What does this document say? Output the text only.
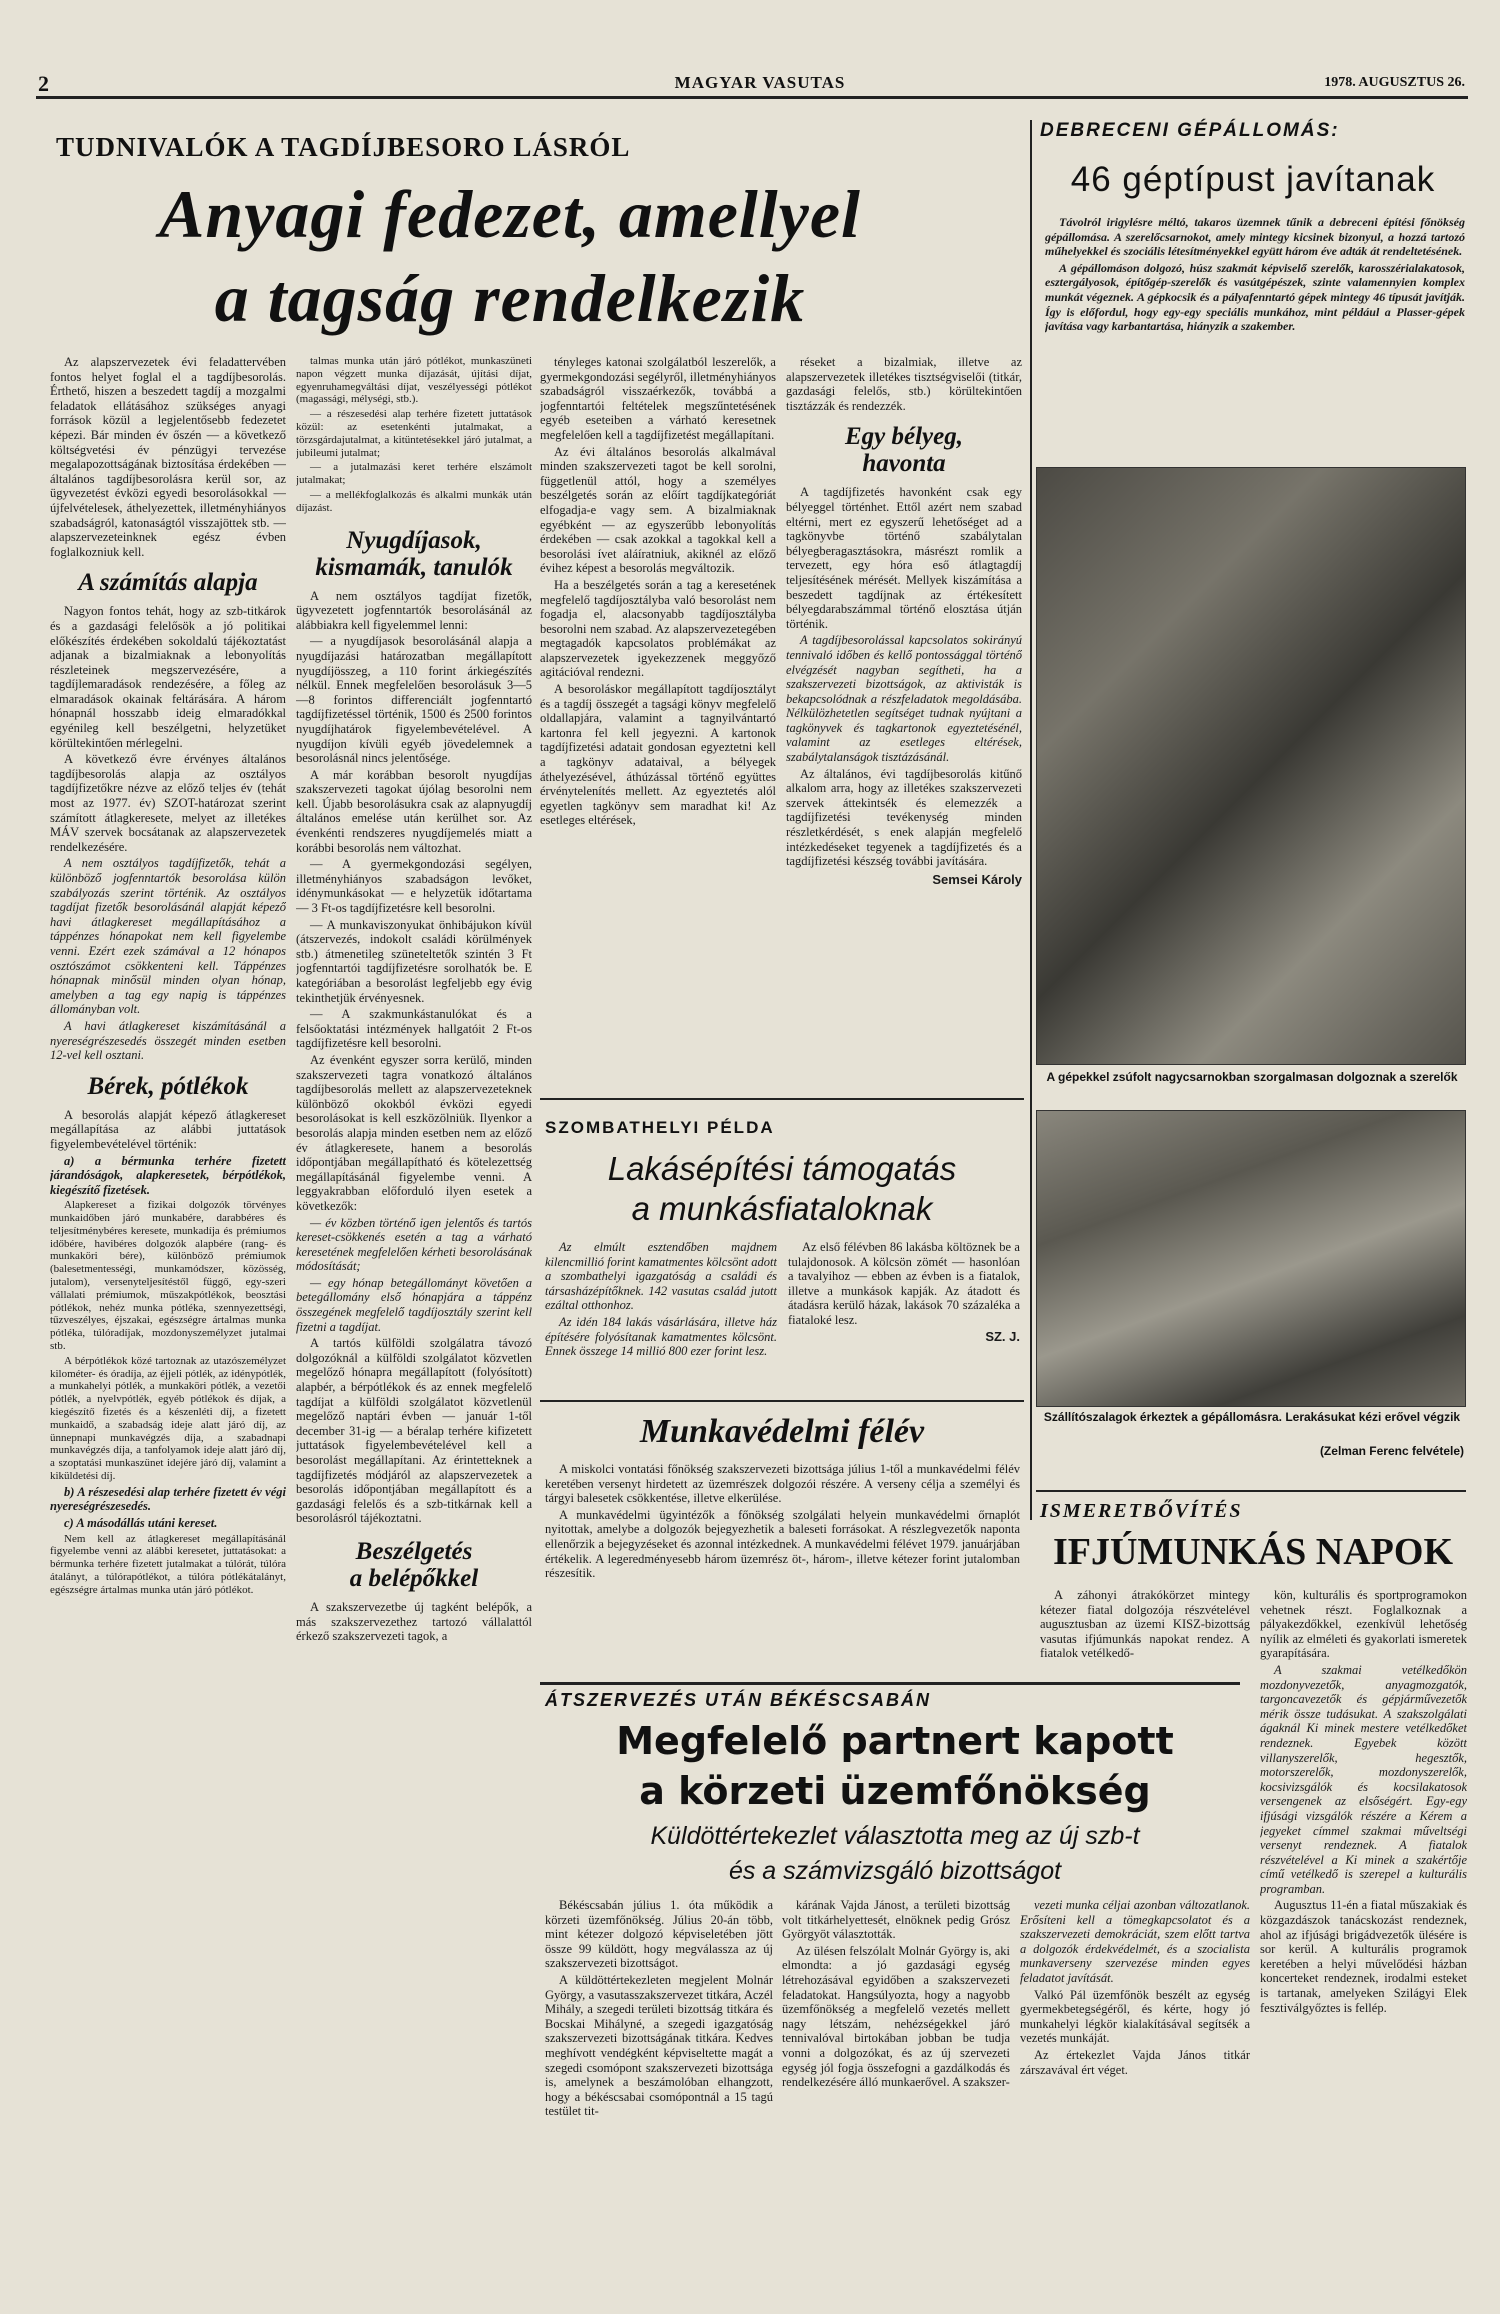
2	MAGYAR VASUTAS	1978. AUGUSZTUS 26.
TUDNIVALÓK A TAGDÍJBESORO LÁSRÓL
Anyagi fedezet, amellyel
a tagság rendelkezik

Az alapszervezetek évi feladattervében fontos helyet foglal el a tagdíjbesorolás. Érthető, hiszen a beszedett tagdíj a mozgalmi feladatok ellátásához szükséges anyagi források közül a legjelentősebb fedezetet képezi. Bár minden év őszén — a következő költségvetési év pénzügyi tervezése megalapozottságának biztosítása érdekében — általános tagdíjbesorolásra kerül sor, az ügyvezetést évközi egyedi besorolásokkal — újfelvételesek, áthelyezettek, illetményhiányos szabadságról, katonaságtól visszajöttek stb. — alapszervezeteinknek egész évben foglalkozniuk kell.

A számítás alapja

Nagyon fontos tehát, hogy az szb-titkárok és a gazdasági felelősök a jó politikai előkészítés érdekében sokoldalú tájékoztatást adjanak a bizalmiaknak a lebonyolítás részleteinek megszervezésére, a tagdíjlemaradások rendezésére, a főleg az elmaradások okainak feltárására. A három hónapnál hosszabb ideig elmaradókkal egyénileg kell beszélgetni, helyzetüket körültekintően mérlegelni.

A következő évre érvényes általános tagdíjbesorolás alapja az osztályos tagdíjfizetőkre nézve az előző teljes év (tehát most az 1977. év) SZOT-határozat szerint számított átlagkeresete, melyet az illetékes MÁV szervek bocsátanak az alapszervezetek rendelkezésére.

A nem osztályos tagdíjfizetők, tehát a különböző jogfenntartók besorolása külön szabályozás szerint történik. Az osztályos tagdíjat fizetők besorolásánál alapját képező havi átlagkereset megállapításához a táppénzes hónapokat nem kell figyelembe venni. Ezért ezek számával a 12 hónapos osztószámot csökkenteni kell. Táppénzes hónapnak minősül minden olyan hónap, amelyben a tag egy napig is táppénzes állományban volt.

A havi átlagkereset kiszámításánál a nyereségrészesedés összegét minden esetben 12-vel kell osztani.

Bérek, pótlékok

A besorolás alapját képező átlagkereset megállapítása az alábbi juttatások figyelembevételével történik:

a) a bérmunka terhére fizetett járandóságok, alapkeresetek, bérpótlékok, kiegészítő fizetések.

Alapkereset a fizikai dolgozók törvényes munkaidőben járó munkabére, darabbéres és teljesítménybéres keresete, munkadíja és prémiumos időbére, havibéres dolgozók alapbére (rang- és munkaköri bére), különböző prémiumok (balesetmentességi, munkamódszer, közösség, jutalom), versenyteljesítéstől függő, egy-szeri vállalati prémiumok, műszakpótlékok, beosztási pótlékok, nehéz munka pótléka, szennyezettségi, tűzveszélyes, éjszakai, egészségre ártalmas munka pótléka, túlóradíjak, mozdonyszemélyzet jutalmai stb.

A bérpótlékok közé tartoznak az utazószemélyzet kilométer- és óradíja, az éjjeli pótlék, az idénypótlék, a munkahelyi pótlék, a munkaköri pótlék, a vezetői pótlék, a nyelvpótlék, egyéb pótlékok és díjak, a kiegészítő fizetés és a készenléti díj, a fizetett munkaidő, a szabadság ideje alatt járó díj, az ünnepnapi munkavégzés díja, a szabadnapi munkavégzés díja, a tanfolyamok ideje alatt járó díj, a szoptatási munkaszünet idejére járó díj, valamint a kiküldetési díj.

b) A részesedési alap terhére fizetett év végi nyereségrészesedés.

c) A másodállás utáni kereset.

Nem kell az átlagkereset megállapításánál figyelembe venni az alábbi keresetet, juttatásokat: a bérmunka terhére fizetett jutalmakat a túlórát, túlóra átalányt, a túlórapótlékot, a túlóra pótlékátalányt, egészségre ártalmas munka után járó pótlékot.

talmas munka után járó pótlékot, munkaszüneti napon végzett munka díjazását, újítási díjat, egyenruhamegváltási díjat, veszélyességi pótlékot (magassági, mélységi, stb.).

— a részesedési alap terhére fizetett juttatások közül: az esetenkénti jutalmakat, a törzsgárdajutalmat, a kitüntetésekkel járó jutalmat, a jubileumi jutalmat;

— a jutalmazási keret terhére elszámolt jutalmakat;

— a mellékfoglalkozás és alkalmi munkák után díjazást.

Nyugdíjasok,
kismamák, tanulók

A nem osztályos tagdíjat fizetők, ügyvezetett jogfenntartók besorolásánál az alábbiakra kell figyelemmel lenni:

— a nyugdíjasok besorolásánál alapja a nyugdíjazási határozatban megállapított nyugdíjösszeg, a 110 forint árkiegészítés nélkül. Ennek megfelelően besorolásuk 3—5—8 forintos differenciált jogfenntartó tagdíjfizetéssel történik, 1500 és 2500 forintos nyugdíjhatárok figyelembevételével. A nyugdíjon kívüli egyéb jövedelemnek a besorolásnál nincs jelentősége.

A már korábban besorolt nyugdíjas szakszervezeti tagokat újólag besorolni nem kell. Újabb besorolásukra csak az alapnyugdíj általános emelése után kerülhet sor. Az évenkénti rendszeres nyugdíjemelés miatt a korábbi besorolás nem változhat.

— A gyermekgondozási segélyen, illetményhiányos szabadságon levőket, idénymunkásokat — e helyzetük időtartama — 3 Ft-os tagdíjfizetésre kell besorolni.

— A munkaviszonyukat önhibájukon kívül (átszervezés, indokolt családi körülmények stb.) átmenetileg szüneteltetők szintén 3 Ft jogfenntartói tagdíjfizetésre sorolhatók be. E kategóriában a besorolást legfeljebb egy évig tekinthetjük érvényesnek.

— A szakmunkástanulókat és a felsőoktatási intézmények hallgatóit 2 Ft-os tagdíjfizetésre kell besorolni.

Az évenként egyszer sorra kerülő, minden szakszervezeti tagra vonatkozó általános tagdíjbesorolás mellett az alapszervezeteknek különböző okokból évközi egyedi besorolásokat is kell eszközölniük. Ilyenkor a besorolás alapja minden esetben nem az előző év átlagkeresete, hanem a besorolás időpontjában megállapítható és kötelezettség megállapításánál figyelembe venni. A leggyakrabban előforduló ilyen esetek a következők:

— év közben történő igen jelentős és tartós kereset-csökkenés esetén a tag a várható keresetének megfelelően kérheti besorolásának módosítását;

— egy hónap betegállományt követően a betegállomány első hónapjára a táppénz összegének megfelelő tagdíjosztály szerint kell fizetni a tagdíjat.

A tartós külföldi szolgálatra távozó dolgozóknál a külföldi szolgálatot közvetlen megelőző hónapra megállapított (folyósított) alapbér, a bérpótlékok és az ennek megfelelő tagdíjat a külföldi szolgálatot közvetlenül megelőző naptári évben — január 1-től december 31-ig — a béralap terhére kifizetett juttatások figyelembevételével kell a besorolást megállapítani. Az érintetteknek a tagdíjfizetés módjáról az alapszervezetek a besorolás időpontjában megállapított és a gazdasági felelős és a szb-titkárnak kell a besorolásról tájékoztatni.

Beszélgetés
a belépőkkel

A szakszervezetbe új tagként belépők, a más szakszervezethez tartozó vállalattól érkező szakszervezeti tagok, a

tényleges katonai szolgálatból leszerelők, a gyermekgondozási segélyről, illetményhiányos szabadságról visszaérkezők, továbbá a jogfenntartói feltételek megszűntetésének egyéb eseteiben a várható keresetnek megfelelően kell a tagdíjfizetést megállapítani.

Az évi általános besorolás alkalmával minden szakszervezeti tagot be kell sorolni, függetlenül attól, hogy a személyes beszélgetés során az előírt tagdíjkategóriát elfogadja-e vagy sem. A bizalmiaknak egyébként — az egyszerűbb lebonyolítás érdekében — csak azokkal a tagokkal kell a besorolási ívet aláíratniuk, akiknél az előző évihez képest a besorolás megváltozik.

Ha a beszélgetés során a tag a keresetének megfelelő tagdíjosztályba való besorolást nem fogadja el, alacsonyabb tagdíjosztályba besorolni nem szabad. Az alapszervezetegében megtagadók kapcsolatos problémákat az alapszervezetek igyekezzenek meggyőző agitációval rendezni.

A besoroláskor megállapított tagdíjosztályt és a tagdíj összegét a tagsági könyv megfelelő oldallapjára, valamint a tagnyilvántartó kartonra fel kell jegyezni. A kartonok tagdíjfizetési adatait gondosan egyeztetni kell a tagkönyv adataival, a bélyegek áthelyezésével, áthúzással történő együttes érvénytelenítés mellett. Az egyeztetés alól egyetlen tagkönyv sem maradhat ki! Az esetleges eltérések,

réseket a bizalmiak, illetve az alapszervezetek illetékes tisztségviselői (titkár, gazdasági felelős, stb.) körültekintően tisztázzák és rendezzék.

Egy bélyeg,
havonta

A tagdíjfizetés havonként csak egy bélyeggel történhet. Ettől azért nem szabad eltérni, mert ez egyszerű lehetőséget ad a tagkönyvbe történő szabálytalan bélyegberagasztásokra, másrészt romlik a tervezett, egy hóra eső átlagtagdíj teljesítésének mérését. Mellyek kiszámítása a beszedett tagdíjnak az értékesített bélyegdarabszámmal történő elosztása útján történik.

A tagdíjbesorolással kapcsolatos sokirányú tennivaló időben és kellő pontossággal történő elvégzését nagyban segítheti, ha a szakszervezeti bizottságok, az aktivisták is bekapcsolódnak a részfeladatok megoldásába. Nélkülözhetetlen segítséget tudnak nyújtani a tagkönyvek és tagkartonok egyeztetésénél, valamint az esetleges eltérések, szabálytalanságok tisztázásánál.

Az általános, évi tagdíjbesorolás kitűnő alkalom arra, hogy az illetékes szakszervezeti szervek áttekintsék és elemezzék a tagdíjfizetési tevékenység minden részletkérdését, s enek alapján megfelelő intézkedéseket tegyenek a tagdíjfizetés és a tagdíjfizetési készség további javítására.

Semsei Károly
DEBRECENI GÉPÁLLOMÁS:
46 géptípust javítanak

Távolról irigylésre méltó, takaros üzemnek tűnik a debreceni építési főnökség gépállomása. A szerelőcsarnokot, amely mintegy kicsinek bizonyul, a hozzá tartozó műhelyekkel és szociális létesítményekkel együtt három éve adták át rendeltetésének.

A gépállomáson dolgozó, húsz szakmát képviselő szerelők, karosszérialakatosok, esztergályosok, építőgép-szerelők és vasútgépészek, szinte valamennyien komplex munkát végeznek. A gépkocsik és a pályafenntartó gépek mintegy 46 típusát javítják. Így is előfordul, hogy egy-egy speciális munkához, mint például a Plasser-gépek javítása vagy karbantartása, hiányzik a szakember.

A gépekkel zsúfolt nagycsarnokban szorgalmasan dolgoznak a szerelők
Szállítószalagok érkeztek a gépállomásra. Lerakásukat kézi erővel végzik
(Zelman Ferenc felvétele)
SZOMBATHELYI PÉLDA
Lakásépítési támogatás
a munkásfiataloknak

Az elmúlt esztendőben majdnem kilencmillió forint kamatmentes kölcsönt adott a szombathelyi igazgatóság a családi és társasházépítőknek. 142 vasutas család jutott ezáltal otthonhoz.

Az idén 184 lakás vásárlására, illetve ház építésére folyósítanak kamatmentes kölcsönt. Ennek összege 14 millió 800 ezer forint lesz.

Az első félévben 86 lakásba költöznek be a tulajdonosok. A kölcsön zömét — hasonlóan a tavalyihoz — ebben az évben is a fiatalok, illetve a munkások kapják. Az átadott és átadásra kerülő házak, lakások 70 százaléka a fiataloké lesz.

SZ. J.
Munkavédelmi félév

A miskolci vontatási főnökség szakszervezeti bizottsága július 1-től a munkavédelmi félév keretében versenyt hirdetett az üzemrészek dolgozói részére. A verseny célja a személyi és tárgyi balesetek csökkentése, illetve elkerülése.

A munkavédelmi ügyintézők a főnökség szolgálati helyein munkavédelmi őrnaplót nyitottak, amelybe a dolgozók bejegyezhetik a baleseti forrásokat. A részlegvezetők naponta ellenőrzik a bejegyzéseket és azonnal intézkednek. A munkavédelmi félévet 1979. januárjában értékelik. A legeredményesebb három üzemrész öt-, három-, illetve kétezer forint jutalomban részesítik.

ISMERETBŐVÍTÉS
IFJÚMUNKÁS NAPOK

A záhonyi átrakókörzet mintegy kétezer fiatal dolgozója részvételével augusztusban az üzemi KISZ-bizottság vasutas ifjúmunkás napokat rendez. A fiatalok vetélkedő-

kön, kulturális és sportprogramokon vehetnek részt. Foglalkoznak a pályakezdőkkel, ezenkívül lehetőség nyílik az elméleti és gyakorlati ismeretek gyarapítására.

A szakmai vetélkedőkön mozdonyvezetők, anyagmozgatók, targoncavezetők és gépjárművezetők mérik össze tudásukat. A szakszolgálati ágaknál Ki minek mestere vetélkedőket rendeznek. Egyebek között villanyszerelők, hegesztők, motorszerelők, mozdonyszerelők, kocsivizsgálók és kocsilakatosok versengenek az elsőségért. Egy-egy ifjúsági vizsgálók részére a Kérem a jegyeket címmel szakmai műveltségi versenyt rendeznek. A fiatalok részvételével a Ki minek a szakértője című vetélkedő is szerepel a kulturális programban.

Augusztus 11-én a fiatal műszakiak és közgazdászok tanácskozást rendeznek, ahol az ifjúsági brigádvezetők ülésére is sor kerül. A kulturális programok keretében a helyi művelődési házban koncerteket rendeznek, irodalmi esteket is tartanak, amelyeken Szilágyi Elek fesztiválgyőztes is fellép.

ÁTSZERVEZÉS UTÁN BÉKÉSCSABÁN
Megfelelő partnert kapott
a körzeti üzemfőnökség
Küldöttértekezlet választotta meg az új szb-t
és a számvizsgáló bizottságot

Békéscsabán július 1. óta működik a körzeti üzemfőnökség. Július 20-án több, mint kétezer dolgozó képviseletében jött össze 99 küldött, hogy megválassza az új szakszervezeti bizottságot.

A küldöttértekezleten megjelent Molnár György, a vasutasszakszervezet titkára, Aczél Mihály, a szegedi területi bizottság titkára és Bocskai Mihályné, a szegedi igazgatóság szakszervezeti bizottságának titkára. Kedves meghívott vendégként képviseltette magát a szegedi csomópont szakszervezeti bizottsága is, amelynek a beszámolóban elhangzott, hogy a békéscsabai csomópontnál a 15 tagú testület tit-

kárának Vajda Jánost, a területi bizottság volt titkárhelyettesét, elnöknek pedig Grósz Györgyöt választották.

Az ülésen felszólalt Molnár György is, aki elmondta: a jó gazdasági egység létrehozásával egyidőben a szakszervezeti feladatokat. Hangsúlyozta, hogy a nagyobb üzemfőnökség a megfelelő vezetés mellett nagy létszám, nehézségekkel járó tennivalóval birtokában jobban be tudja vonni a dolgozókat, és az új szervezeti egység jól fogja összefogni a gazdálkodás és rendelkezésére álló munkaerővel. A szakszer-

vezeti munka céljai azonban változatlanok. Erősíteni kell a tömegkapcsolatot és a szakszervezeti demokráciát, szem előtt tartva a dolgozók érdekvédelmét, és a szocialista munkaverseny szervezése minden egyes feladatot javítását.

Valkó Pál üzemfőnök beszélt az egység gyermekbetegségéről, és kérte, hogy jó munkahelyi légkör kialakításával segítsék a vezetés munkáját.

Az értekezlet Vajda János titkár zárszavával ért véget.
